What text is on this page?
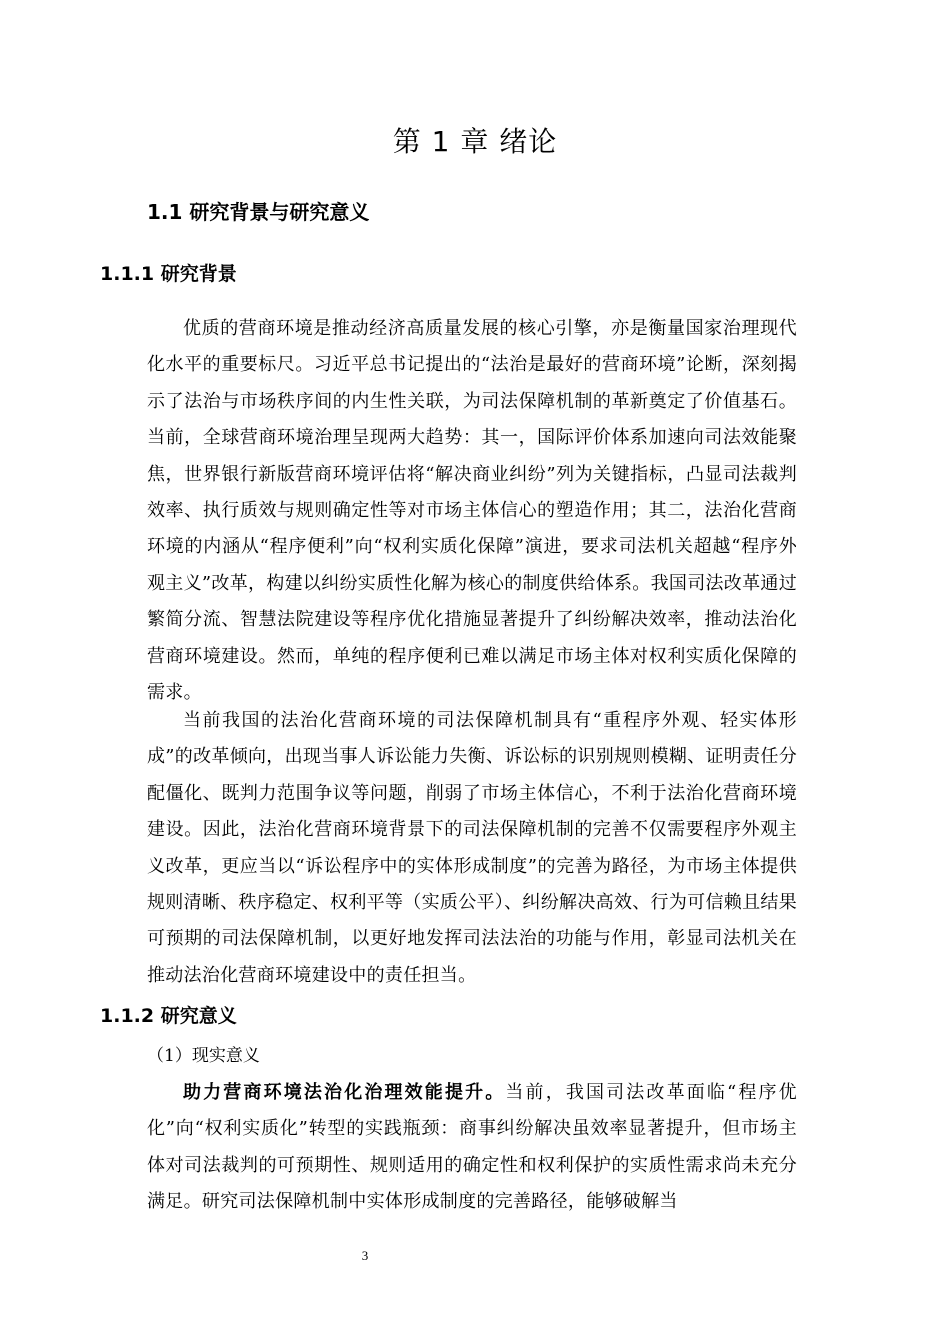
第 1 章 绪论
1.1 研究背景与研究意义
1.1.1 研究背景

优质的营商环境是推动经济高质量发展的核心引擎，亦是衡量国家治理现代化水平的重要标尺。习近平总书记提出的“法治是最好的营商环境”论断，深刻揭示了法治与市场秩序间的内生性关联，为司法保障机制的革新奠定了价值基石。当前，全球营商环境治理呈现两大趋势：其一，国际评价体系加速向司法效能聚焦，世界银行新版营商环境评估将“解决商业纠纷”列为关键指标，凸显司法裁判效率、执行质效与规则确定性等对市场主体信心的塑造作用；其二，法治化营商环境的内涵从“程序便利”向“权利实质化保障”演进，要求司法机关超越“程序外观主义”改革，构建以纠纷实质性化解为核心的制度供给体系。我国司法改革通过繁简分流、智慧法院建设等程序优化措施显著提升了纠纷解决效率，推动法治化营商环境建设。然而，单纯的程序便利已难以满足市场主体对权利实质化保障的需求。

当前我国的法治化营商环境的司法保障机制具有“重程序外观、轻实体形成”的改革倾向，出现当事人诉讼能力失衡、诉讼标的识别规则模糊、证明责任分配僵化、既判力范围争议等问题，削弱了市场主体信心，不利于法治化营商环境建设。因此，法治化营商环境背景下的司法保障机制的完善不仅需要程序外观主义改革，更应当以“诉讼程序中的实体形成制度”的完善为路径，为市场主体提供规则清晰、秩序稳定、权利平等（实质公平）、纠纷解决高效、行为可信赖且结果可预期的司法保障机制，以更好地发挥司法法治的功能与作用，彰显司法机关在推动法治化营商环境建设中的责任担当。

1.1.2 研究意义

（1）现实意义

助力营商环境法治化治理效能提升。当前，我国司法改革面临“程序优化”向“权利实质化”转型的实践瓶颈：商事纠纷解决虽效率显著提升，但市场主体对司法裁判的可预期性、规则适用的确定性和权利保护的实质性需求尚未充分满足。研究司法保障机制中实体形成制度的完善路径，能够破解当

3
